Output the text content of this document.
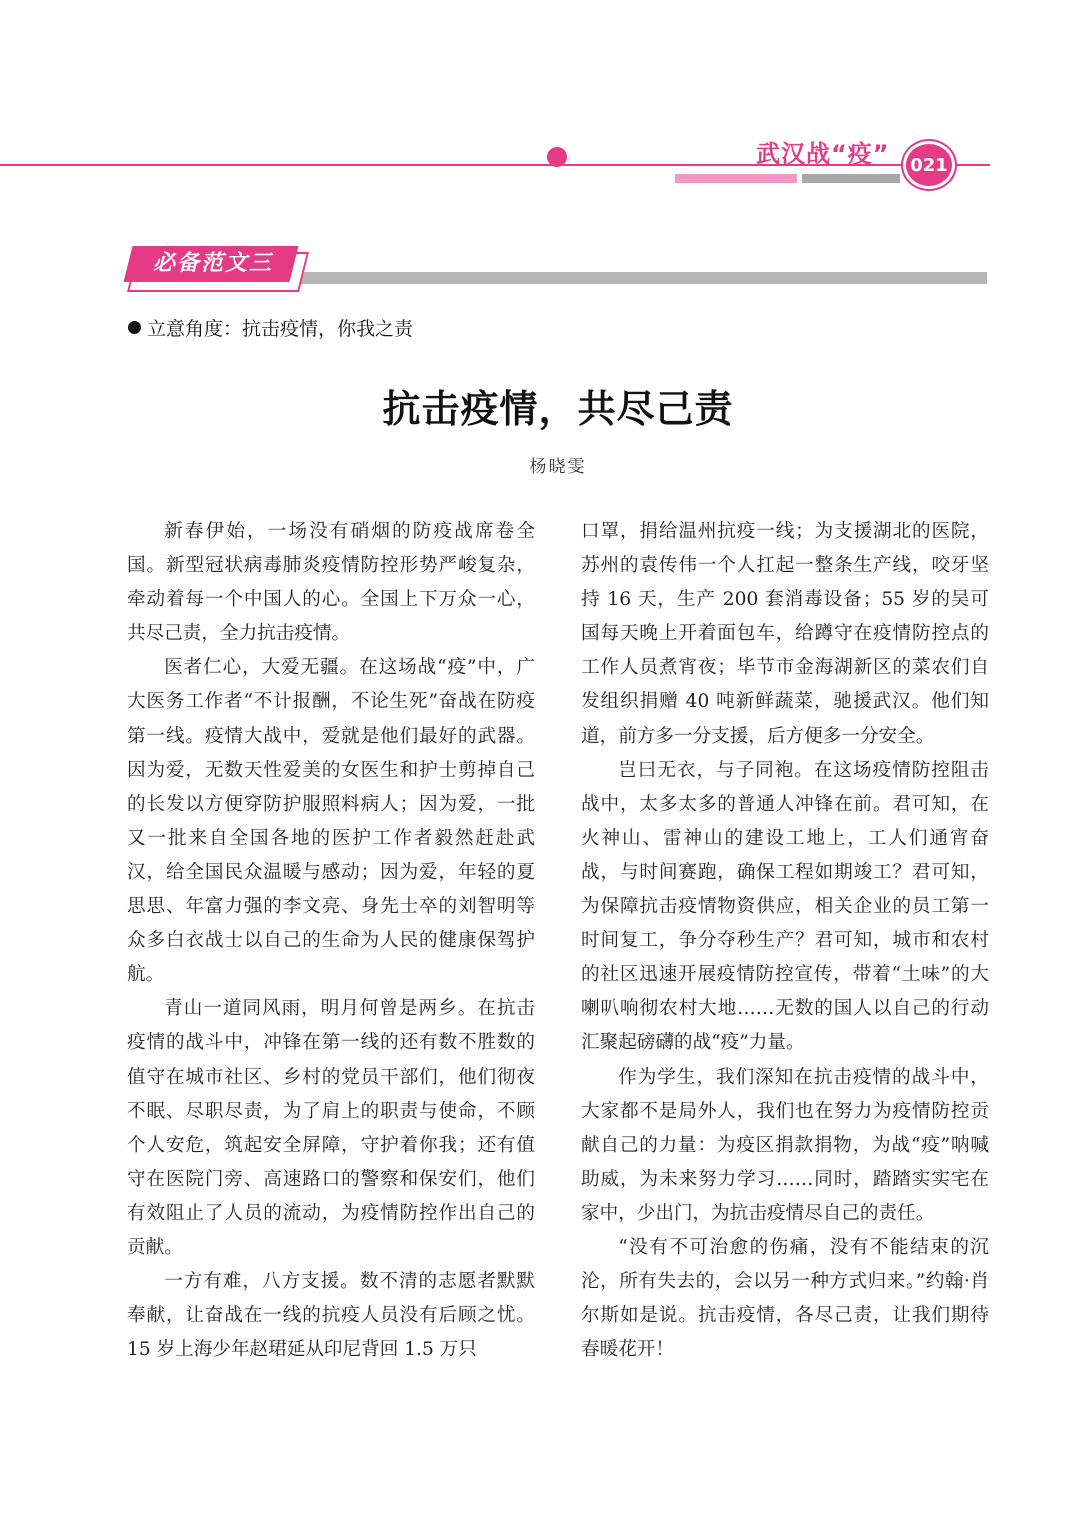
武汉战“疫” 021
必备范文三
立意角度：抗击疫情，你我之责
抗击疫情，共尽己责
杨晓雯

新春伊始，一场没有硝烟的防疫战席卷全国。新型冠状病毒肺炎疫情防控形势严峻复杂，牵动着每一个中国人的心。全国上下万众一心，共尽己责，全力抗击疫情。

医者仁心，大爱无疆。在这场战“疫”中，广大医务工作者“不计报酬，不论生死”奋战在防疫第一线。疫情大战中，爱就是他们最好的武器。因为爱，无数天性爱美的女医生和护士剪掉自己的长发以方便穿防护服照料病人；因为爱，一批又一批来自全国各地的医护工作者毅然赶赴武汉，给全国民众温暖与感动；因为爱，年轻的夏思思、年富力强的李文亮、身先士卒的刘智明等众多白衣战士以自己的生命为人民的健康保驾护航。

青山一道同风雨，明月何曾是两乡。在抗击疫情的战斗中，冲锋在第一线的还有数不胜数的值守在城市社区、乡村的党员干部们，他们彻夜不眠、尽职尽责，为了肩上的职责与使命，不顾个人安危，筑起安全屏障，守护着你我；还有值守在医院门旁、高速路口的警察和保安们，他们有效阻止了人员的流动，为疫情防控作出自己的贡献。

一方有难，八方支援。数不清的志愿者默默奉献，让奋战在一线的抗疫人员没有后顾之忧。15 岁上海少年赵珺延从印尼背回 1.5 万只

口罩，捐给温州抗疫一线；为支援湖北的医院，苏州的袁传伟一个人扛起一整条生产线，咬牙坚持 16 天，生产 200 套消毒设备；55 岁的吴可国每天晚上开着面包车，给蹲守在疫情防控点的工作人员煮宵夜；毕节市金海湖新区的菜农们自发组织捐赠 40 吨新鲜蔬菜，驰援武汉。他们知道，前方多一分支援，后方便多一分安全。

岂曰无衣，与子同袍。在这场疫情防控阻击战中，太多太多的普通人冲锋在前。君可知，在火神山、雷神山的建设工地上，工人们通宵奋战，与时间赛跑，确保工程如期竣工？君可知，为保障抗击疫情物资供应，相关企业的员工第一时间复工，争分夺秒生产？君可知，城市和农村的社区迅速开展疫情防控宣传，带着“土味”的大喇叭响彻农村大地……无数的国人以自己的行动汇聚起磅礴的战“疫”力量。

作为学生，我们深知在抗击疫情的战斗中，大家都不是局外人，我们也在努力为疫情防控贡献自己的力量：为疫区捐款捐物，为战“疫”呐喊助威，为未来努力学习……同时，踏踏实实宅在家中，少出门，为抗击疫情尽自己的责任。

“没有不可治愈的伤痛，没有不能结束的沉沦，所有失去的，会以另一种方式归来。”约翰·肖尔斯如是说。抗击疫情，各尽己责，让我们期待春暖花开！
